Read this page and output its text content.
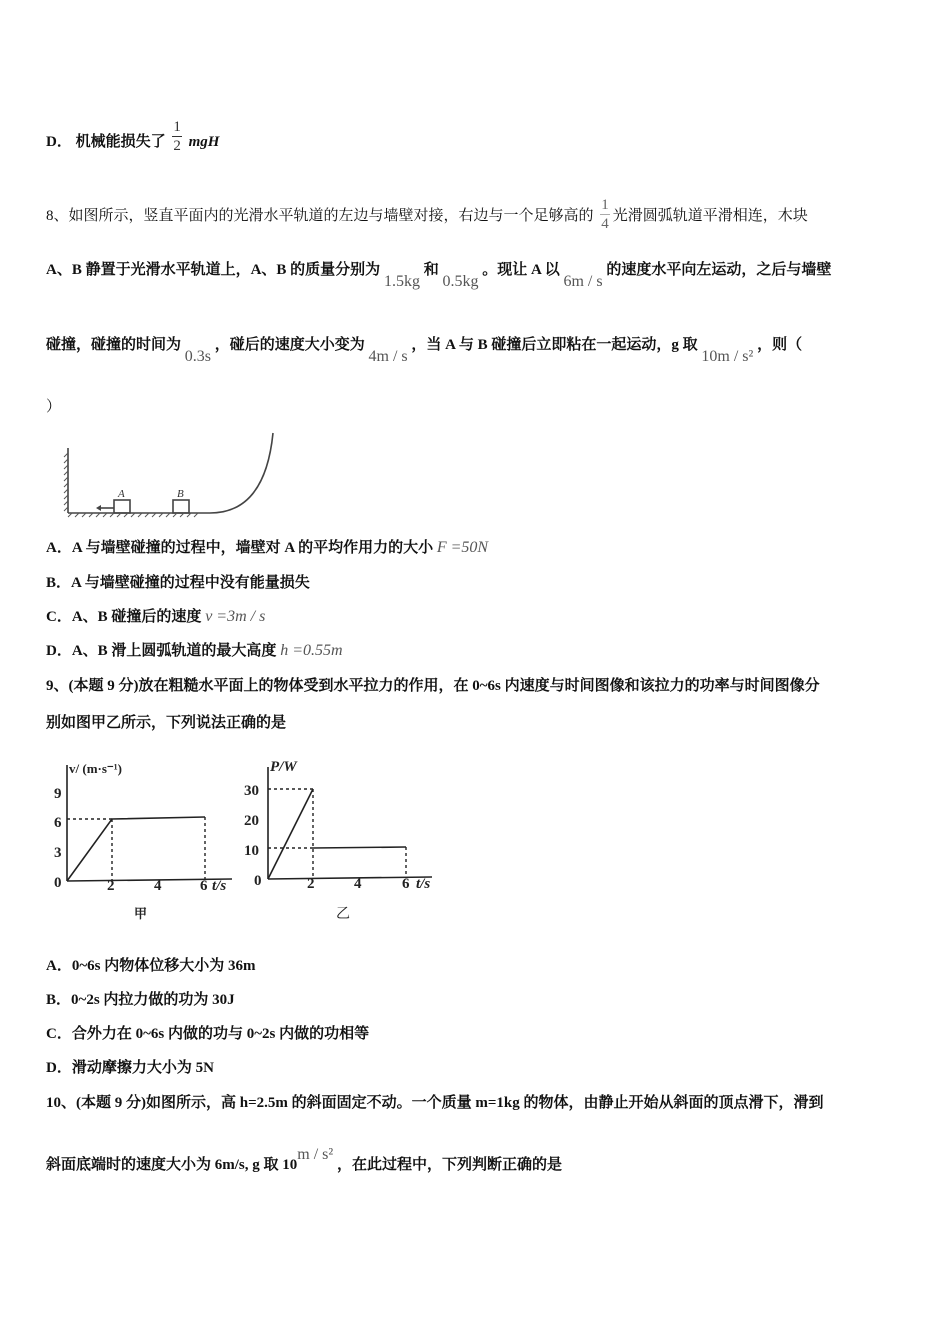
D． 机械能损失了 $\frac{1}{2}$ mgH
8、如图所示，竖直平面内的光滑水平轨道的左边与墙壁对接，右边与一个足够高的 $\frac{1}{4}$ 光滑圆弧轨道平滑相连，木块
A、B 静置于光滑水平轨道上，A、B 的质量分别为 1.5kg 和 0.5kg 。现让 A 以 6m / s 的速度水平向左运动，之后与墙壁
碰撞，碰撞的时间为 0.3s ，碰后的速度大小变为 4m / s ，当 A 与 B 碰撞后立即粘在一起运动，g 取 10m / s² ，则（
）
A	B
A．A 与墙壁碰撞的过程中，墙壁对 A 的平均作用力的大小 F =50N
B．A 与墙壁碰撞的过程中没有能量损失
C．A、B 碰撞后的速度 v =3m / s
D．A、B 滑上圆弧轨道的最大高度 h =0.55m
9、(本题 9 分)放在粗糙水平面上的物体受到水平拉力的作用，在 0~6s 内速度与时间图像和该拉力的功率与时间图像分
别如图甲乙所示，下列说法正确的是
v/ (m·s⁻¹)
9
6
3
0	2	4	6 t/s
甲
P/W
30
20
10
0	2	4	6 t/s
乙
A．0~6s 内物体位移大小为 36m
B．0~2s 内拉力做的功为 30J
C．合外力在 0~6s 内做的功与 0~2s 内做的功相等
D．滑动摩擦力大小为 5N
10、(本题 9 分)如图所示，高 h=2.5m 的斜面固定不动。一个质量 m=1kg 的物体，由静止开始从斜面的顶点滑下，滑到
斜面底端时的速度大小为 6m/s, g 取 10m / s² ，在此过程中，下列判断正确的是
